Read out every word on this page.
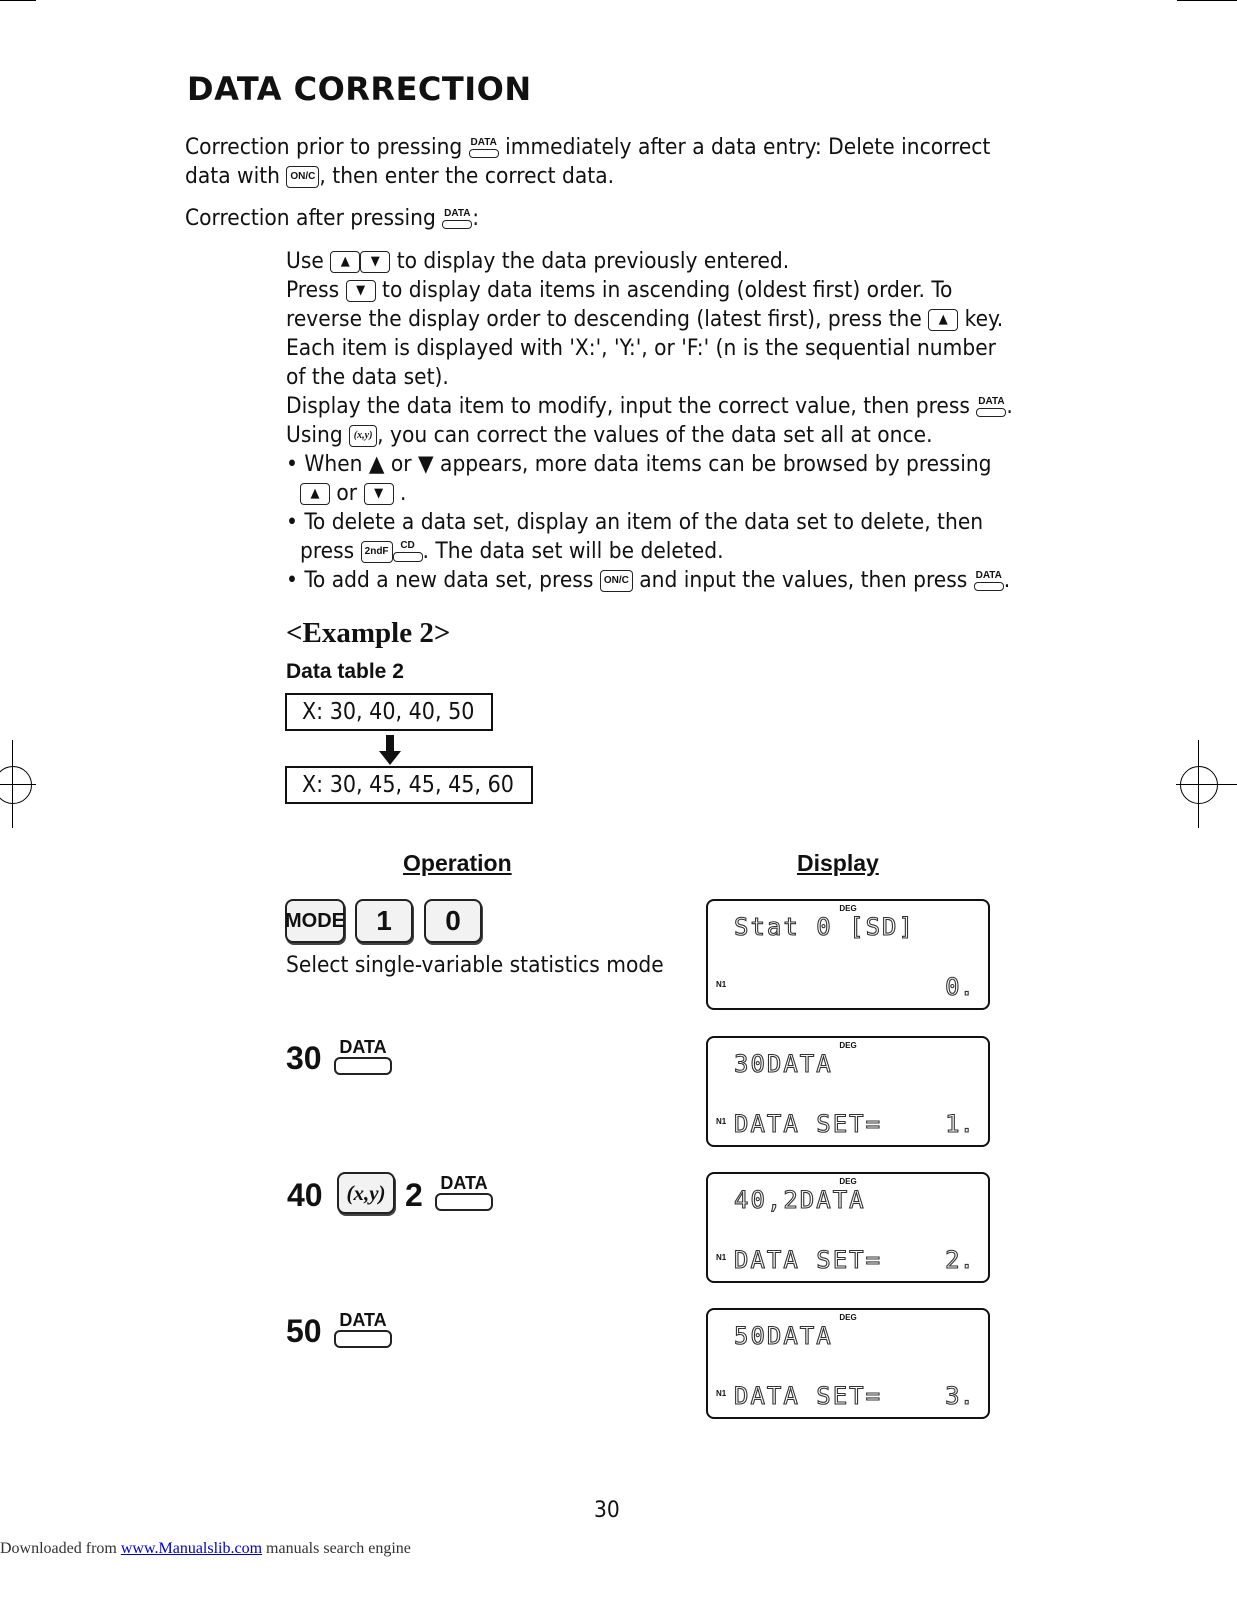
DATA CORRECTION
Correction prior to pressing DATA immediately after a data entry: Delete incorrect
data with ON/C , then enter the correct data.
Correction after pressing DATA :
Use ▲ ▼ to display the data previously entered.
Press ▼ to display data items in ascending (oldest first) order. To
reverse the display order to descending (latest first), press the ▲ key.
Each item is displayed with 'X:', 'Y:', or 'F:' (n is the sequential number
of the data set).
Display the data item to modify, input the correct value, then press DATA .
Using (x,y) , you can correct the values of the data set all at once.
• When ▲ or ▼ appears, more data items can be browsed by pressing
▲ or ▼ .
• To delete a data set, display an item of the data set to delete, then
press 2ndF
CD . The data set will be deleted.
• To add a new data set, press ON/C and input the values, then press DATA .
<Example 2>
Data table 2
X: 30, 40, 40, 50
X: 30, 45, 45, 45, 60
Operation	Display
MODE	1	0
Select single-variable statistics mode
30 DATA
40	(x,y) 2 DATA
50 DATA
DEG
N1
Stat 0 [SD]
0.
DEG
N1
30DATA
DATA SET=	1.
DEG
N1
40,2DATA
DATA SET=	2.
DEG
N1
50DATA
DATA SET=	3.
30
Downloaded from www.Manualslib.com manuals search engine
